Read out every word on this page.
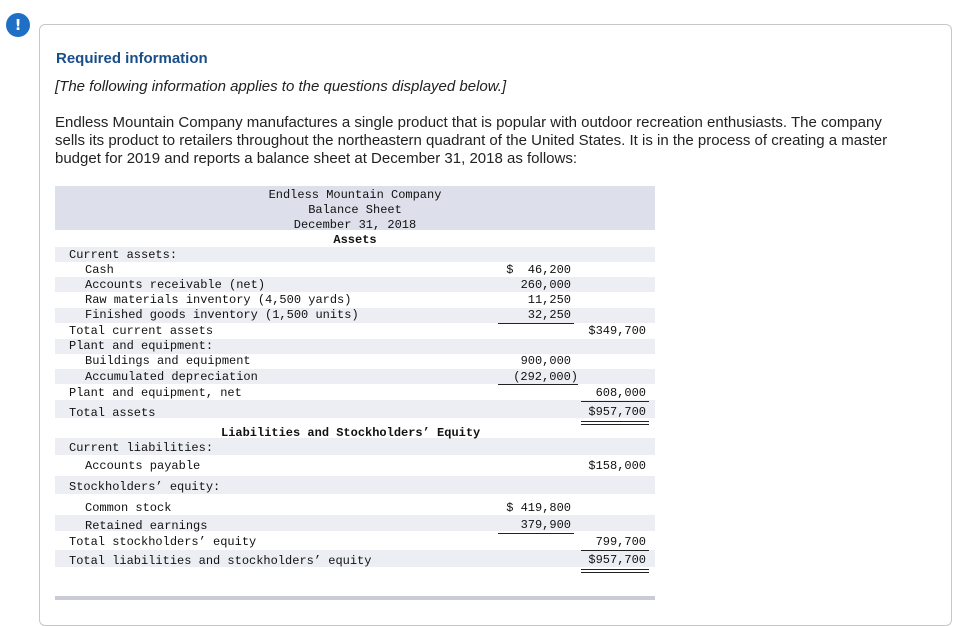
!
Required information
[The following information applies to the questions displayed below.]
Endless Mountain Company manufactures a single product that is popular with outdoor recreation enthusiasts. The company sells its product to retailers throughout the northeastern quadrant of the United States. It is in the process of creating a master budget for 2019 and reports a balance sheet at December 31, 2018 as follows:
Endless Mountain Company
Balance Sheet
December 31, 2018
Assets
Current assets:
Cash	$  46,200
Accounts receivable (net)	260,000
Raw materials inventory (4,500 yards)	11,250
Finished goods inventory (1,500 units)	32,250
Total current assets	$349,700
Plant and equipment:
Buildings and equipment	900,000
Accumulated depreciation	(292,000)
Plant and equipment, net	608,000
Total assets	$957,700
Liabilities and Stockholders’ Equity
Current liabilities:
Accounts payable	$158,000
Stockholders’ equity:
Common stock	$ 419,800
Retained earnings	379,900
Total stockholders’ equity	799,700
Total liabilities and stockholders’ equity	$957,700
